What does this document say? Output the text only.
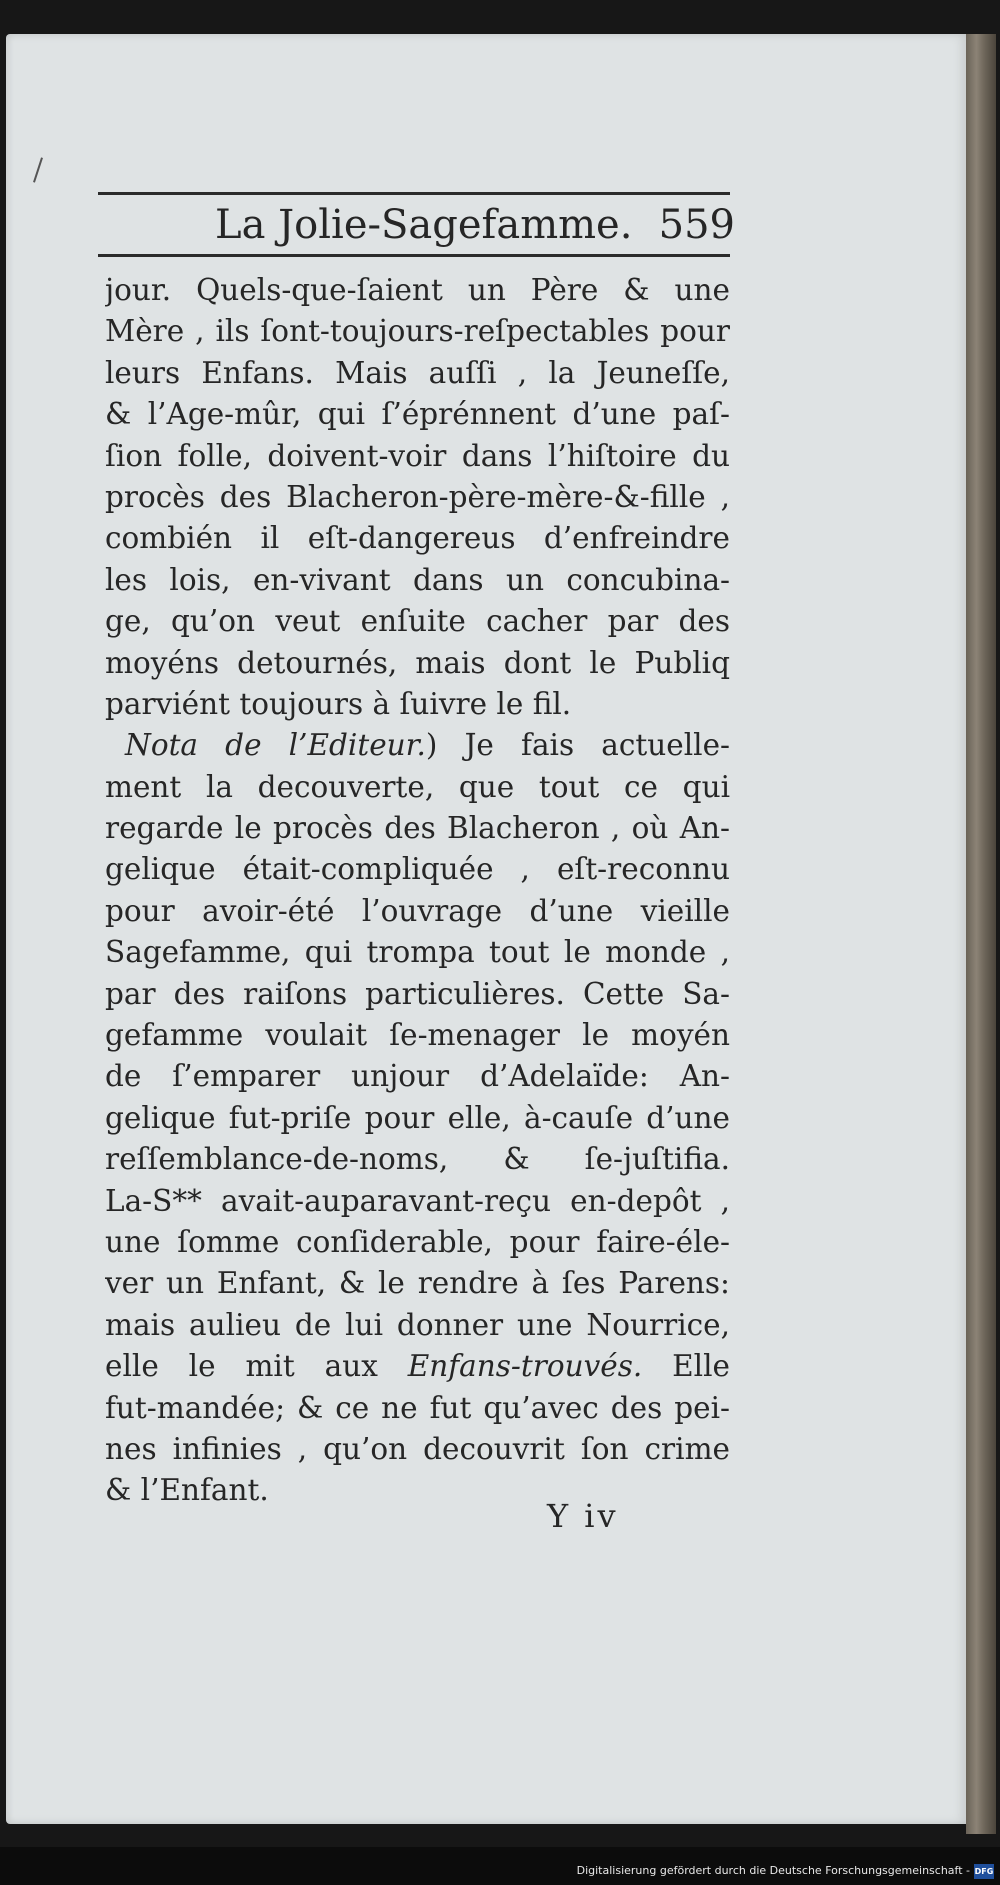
La Jolie-Sagefamme. 559
jour. Quels-que-ſaient un Père & une
Mère , ils ſont-toujours-reſpectables pour
leurs Enfans. Mais auſſi , la Jeuneſſe,
& l’Age-mûr, qui ſ’éprénnent d’une paſ-
ſion folle, doivent-voir dans l’hiſtoire du
procès des Blacheron-père-mère-&-fille ,
combién il eſt-dangereus d’enfreindre
les lois, en-vivant dans un concubina-
ge, qu’on veut enſuite cacher par des
moyéns detournés, mais dont le Publiq
parviént toujours à ſuivre le fil.
Nota de l’Editeur.) Je fais actuelle-
ment la decouverte, que tout ce qui
regarde le procès des Blacheron , où An-
gelique était-compliquée , eſt-reconnu
pour avoir-été l’ouvrage d’une vieille
Sagefamme, qui trompa tout le monde ,
par des raiſons particulières. Cette Sa-
gefamme voulait ſe-menager le moyén
de ſ’emparer unjour d’Adelaïde: An-
gelique fut-priſe pour elle, à-cauſe d’une
reſſemblance-de-noms, & ſe-juſtifia.
La-S** avait-auparavant-reçu en-depôt ,
une ſomme conſiderable, pour faire-éle-
ver un Enfant, & le rendre à ſes Parens:
mais aulieu de lui donner une Nourrice,
elle le mit aux Enfans-trouvés. Elle
fut-mandée; & ce ne fut qu’avec des pei-
nes infinies , qu’on decouvrit ſon crime
& l’Enfant.
Y iv
Digitalisierung gefördert durch die Deutsche Forschungsgemeinschaft - DFG
